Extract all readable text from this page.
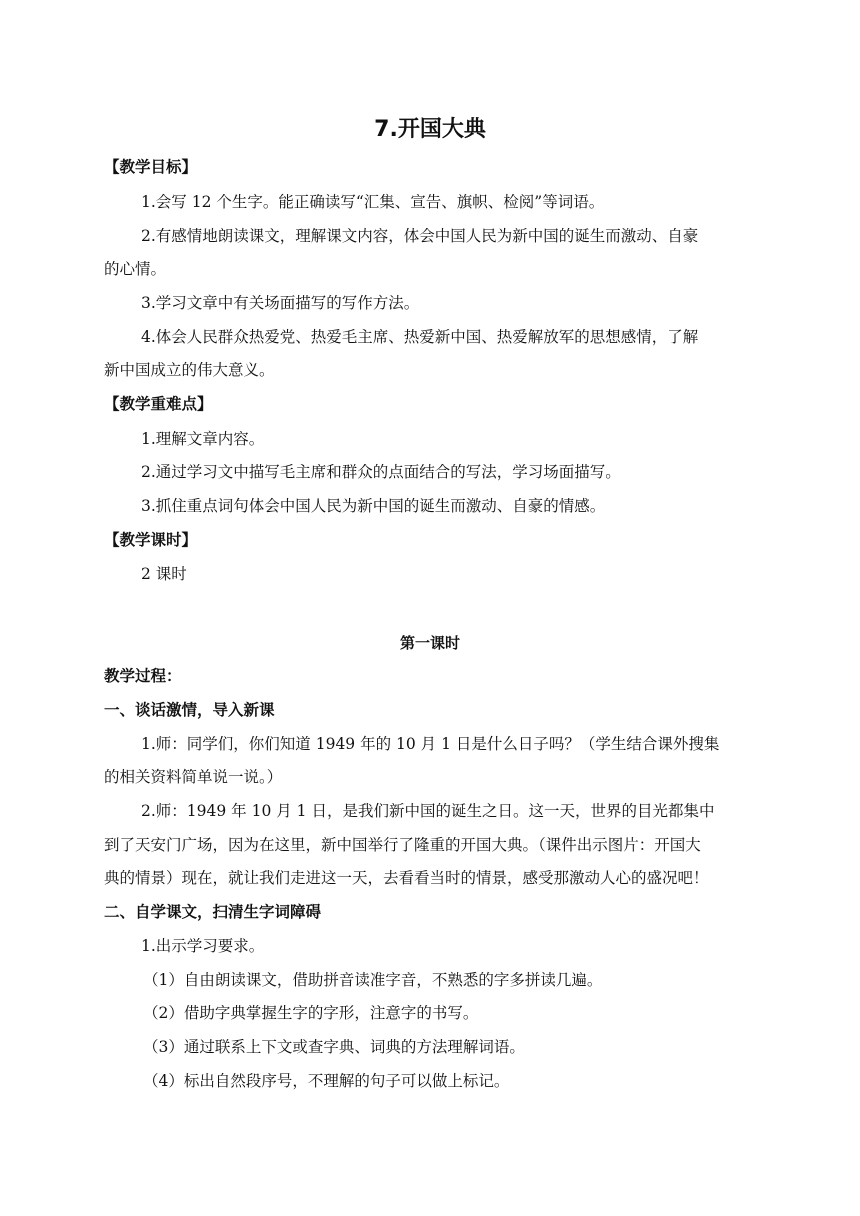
7.开国大典
【教学目标】
1.会写 12 个生字。能正确读写“汇集、宣告、旗帜、检阅”等词语。
2.有感情地朗读课文，理解课文内容，体会中国人民为新中国的诞生而激动、自豪
的心情。
3.学习文章中有关场面描写的写作方法。
4.体会人民群众热爱党、热爱毛主席、热爱新中国、热爱解放军的思想感情，了解
新中国成立的伟大意义。
【教学重难点】
1.理解文章内容。
2.通过学习文中描写毛主席和群众的点面结合的写法，学习场面描写。
3.抓住重点词句体会中国人民为新中国的诞生而激动、自豪的情感。
【教学课时】
2 课时
第一课时
教学过程：
一、谈话激情，导入新课
1.师：同学们，你们知道 1949 年的 10 月 1 日是什么日子吗？（学生结合课外搜集
的相关资料简单说一说。）
2.师：1949 年 10 月 1 日，是我们新中国的诞生之日。这一天，世界的目光都集中
到了天安门广场，因为在这里，新中国举行了隆重的开国大典。（课件出示图片：开国大
典的情景）现在，就让我们走进这一天，去看看当时的情景，感受那激动人心的盛况吧！
二、自学课文，扫清生字词障碍
1.出示学习要求。
（1）自由朗读课文，借助拼音读准字音，不熟悉的字多拼读几遍。
（2）借助字典掌握生字的字形，注意字的书写。
（3）通过联系上下文或查字典、词典的方法理解词语。
（4）标出自然段序号，不理解的句子可以做上标记。
